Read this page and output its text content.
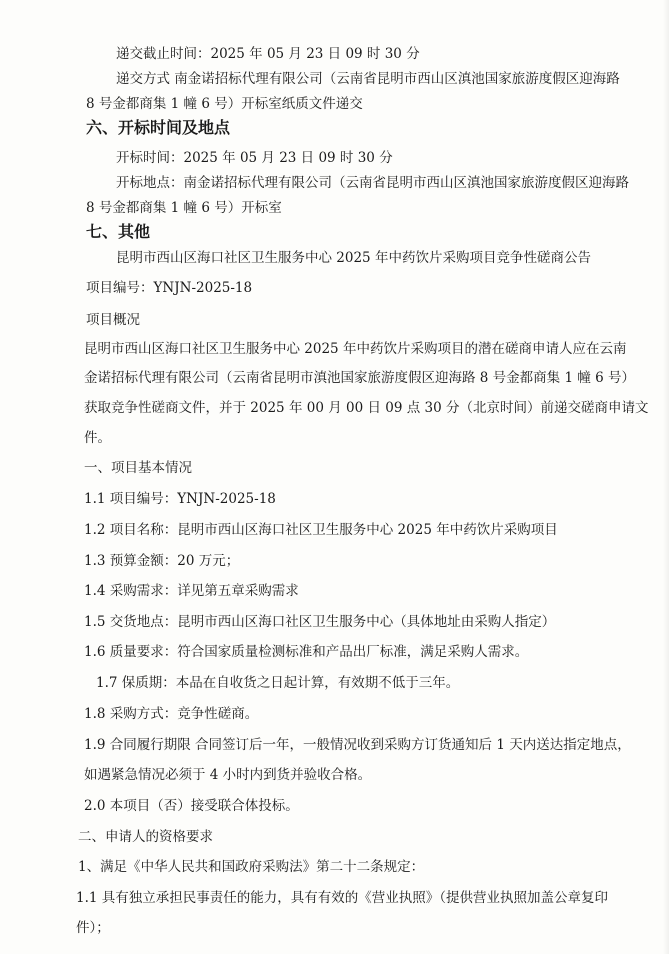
递交截止时间：2025 年 05 月 23 日 09 时 30 分
递交方式 南金诺招标代理有限公司（云南省昆明市西山区滇池国家旅游度假区迎海路
8 号金都商集 1 幢 6 号）开标室纸质文件递交
六、开标时间及地点
开标时间：2025 年 05 月 23 日 09 时 30 分
开标地点：南金诺招标代理有限公司（云南省昆明市西山区滇池国家旅游度假区迎海路
8 号金都商集 1 幢 6 号）开标室
七、其他
昆明市西山区海口社区卫生服务中心 2025 年中药饮片采购项目竞争性磋商公告
项目编号：YNJN-2025-18
项目概况
昆明市西山区海口社区卫生服务中心 2025 年中药饮片采购项目的潜在磋商申请人应在云南
金诺招标代理有限公司（云南省昆明市滇池国家旅游度假区迎海路 8 号金都商集 1 幢 6 号）
获取竞争性磋商文件，并于 2025 年 00 月 00 日 09 点 30 分（北京时间）前递交磋商申请文
件。
一、项目基本情况
1.1 项目编号：YNJN-2025-18
1.2 项目名称：昆明市西山区海口社区卫生服务中心 2025 年中药饮片采购项目
1.3 预算金额：20 万元；
1.4 采购需求：详见第五章采购需求
1.5 交货地点：昆明市西山区海口社区卫生服务中心（具体地址由采购人指定）
1.6 质量要求：符合国家质量检测标准和产品出厂标准，满足采购人需求。
1.7 保质期：本品在自收货之日起计算，有效期不低于三年。
1.8 采购方式：竞争性磋商。
1.9 合同履行期限 合同签订后一年，一般情况收到采购方订货通知后 1 天内送达指定地点，
如遇紧急情况必须于 4 小时内到货并验收合格。
2.0 本项目（否）接受联合体投标。
二、申请人的资格要求
1、满足《中华人民共和国政府采购法》第二十二条规定：
1.1 具有独立承担民事责任的能力，具有有效的《营业执照》（提供营业执照加盖公章复印
件）；
